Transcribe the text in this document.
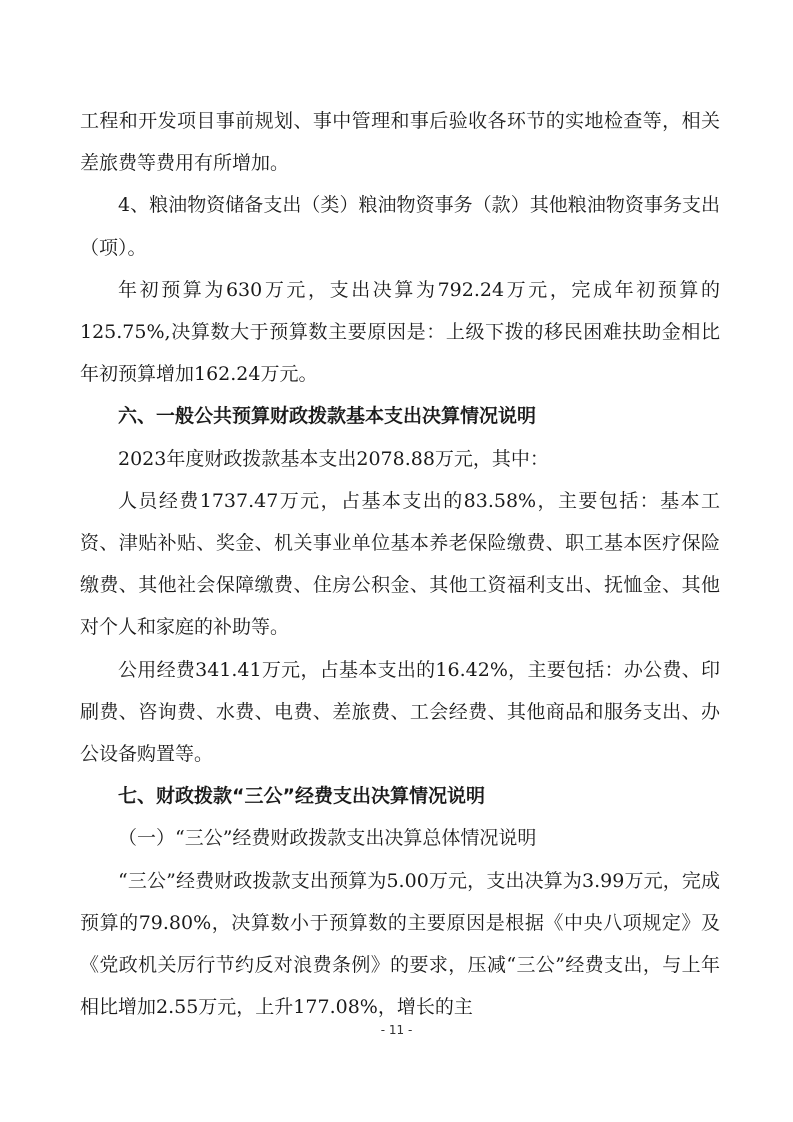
工程和开发项目事前规划、事中管理和事后验收各环节的实地检查等，相关差旅费等费用有所增加。

4、粮油物资储备支出（类）粮油物资事务（款）其他粮油物资事务支出（项）。

年初预算为630万元，支出决算为792.24万元，完成年初预算的125.75%,决算数大于预算数主要原因是：上级下拨的移民困难扶助金相比年初预算增加162.24万元。

六、一般公共预算财政拨款基本支出决算情况说明

2023年度财政拨款基本支出2078.88万元，其中：

人员经费1737.47万元，占基本支出的83.58%，主要包括：基本工资、津贴补贴、奖金、机关事业单位基本养老保险缴费、职工基本医疗保险缴费、其他社会保障缴费、住房公积金、其他工资福利支出、抚恤金、其他对个人和家庭的补助等。

公用经费341.41万元，占基本支出的16.42%，主要包括：办公费、印刷费、咨询费、水费、电费、差旅费、工会经费、其他商品和服务支出、办公设备购置等。

七、财政拨款“三公”经费支出决算情况说明

（一）“三公”经费财政拨款支出决算总体情况说明

“三公”经费财政拨款支出预算为5.00万元，支出决算为3.99万元，完成预算的79.80%，决算数小于预算数的主要原因是根据《中央八项规定》及《党政机关厉行节约反对浪费条例》的要求，压减“三公”经费支出，与上年相比增加2.55万元，上升177.08%，增长的主

- 11 -
